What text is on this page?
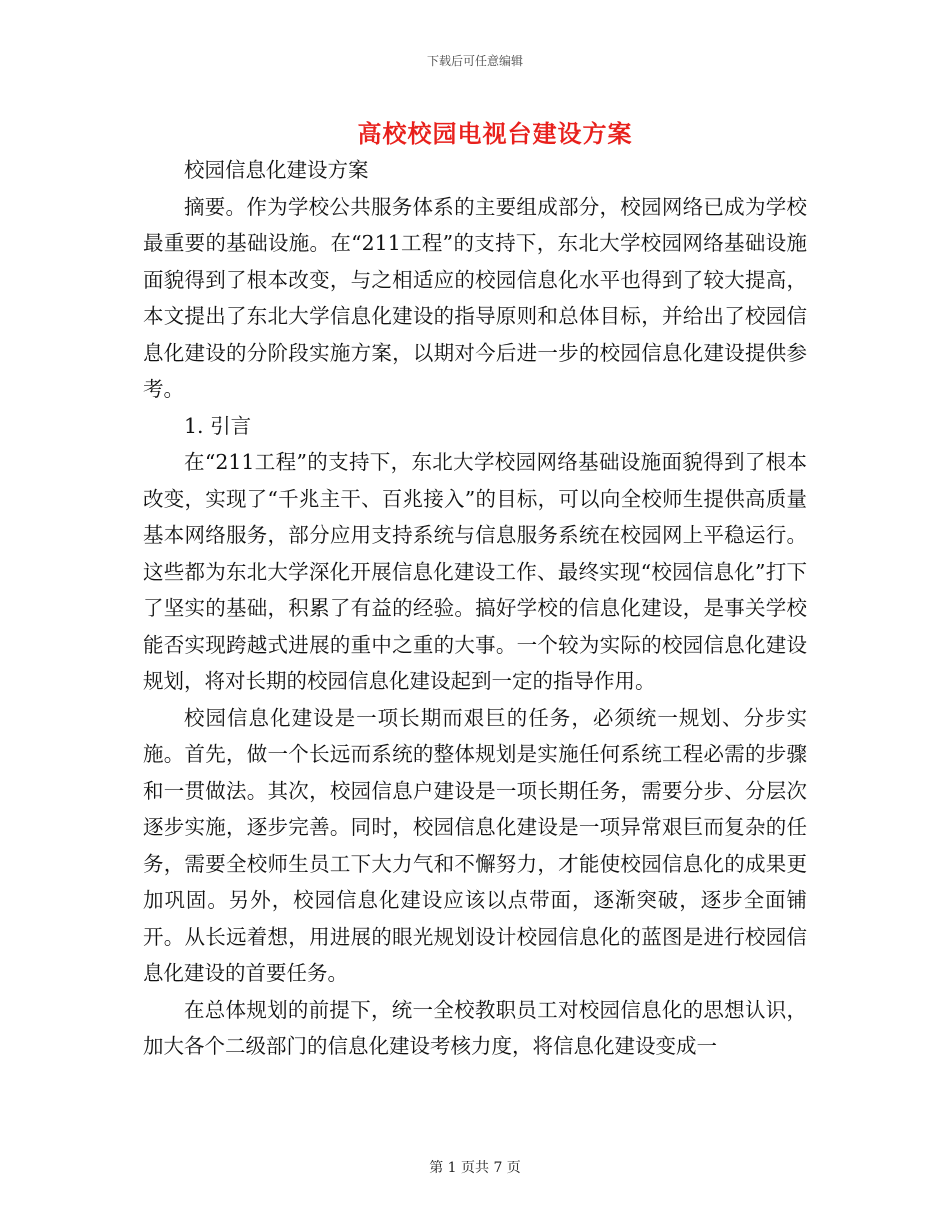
下载后可任意编辑
高校校园电视台建设方案

校园信息化建设方案

摘要。作为学校公共服务体系的主要组成部分，校园网络已成为学校最重要的基础设施。在“211工程”的支持下，东北大学校园网络基础设施面貌得到了根本改变，与之相适应的校园信息化水平也得到了较大提高，本文提出了东北大学信息化建设的指导原则和总体目标，并给出了校园信息化建设的分阶段实施方案，以期对今后进一步的校园信息化建设提供参考。

1. 引言

在“211工程”的支持下，东北大学校园网络基础设施面貌得到了根本改变，实现了“千兆主干、百兆接入”的目标，可以向全校师生提供高质量基本网络服务，部分应用支持系统与信息服务系统在校园网上平稳运行。这些都为东北大学深化开展信息化建设工作、最终实现“校园信息化”打下了坚实的基础，积累了有益的经验。搞好学校的信息化建设，是事关学校能否实现跨越式进展的重中之重的大事。一个较为实际的校园信息化建设规划，将对长期的校园信息化建设起到一定的指导作用。

校园信息化建设是一项长期而艰巨的任务，必须统一规划、分步实施。首先，做一个长远而系统的整体规划是实施任何系统工程必需的步骤和一贯做法。其次，校园信息户建设是一项长期任务，需要分步、分层次逐步实施，逐步完善。同时，校园信息化建设是一项异常艰巨而复杂的任务，需要全校师生员工下大力气和不懈努力，才能使校园信息化的成果更加巩固。另外，校园信息化建设应该以点带面，逐渐突破，逐步全面铺开。从长远着想，用进展的眼光规划设计校园信息化的蓝图是进行校园信息化建设的首要任务。

在总体规划的前提下，统一全校教职员工对校园信息化的思想认识，加大各个二级部门的信息化建设考核力度，将信息化建设变成一

第 1 页共 7 页
